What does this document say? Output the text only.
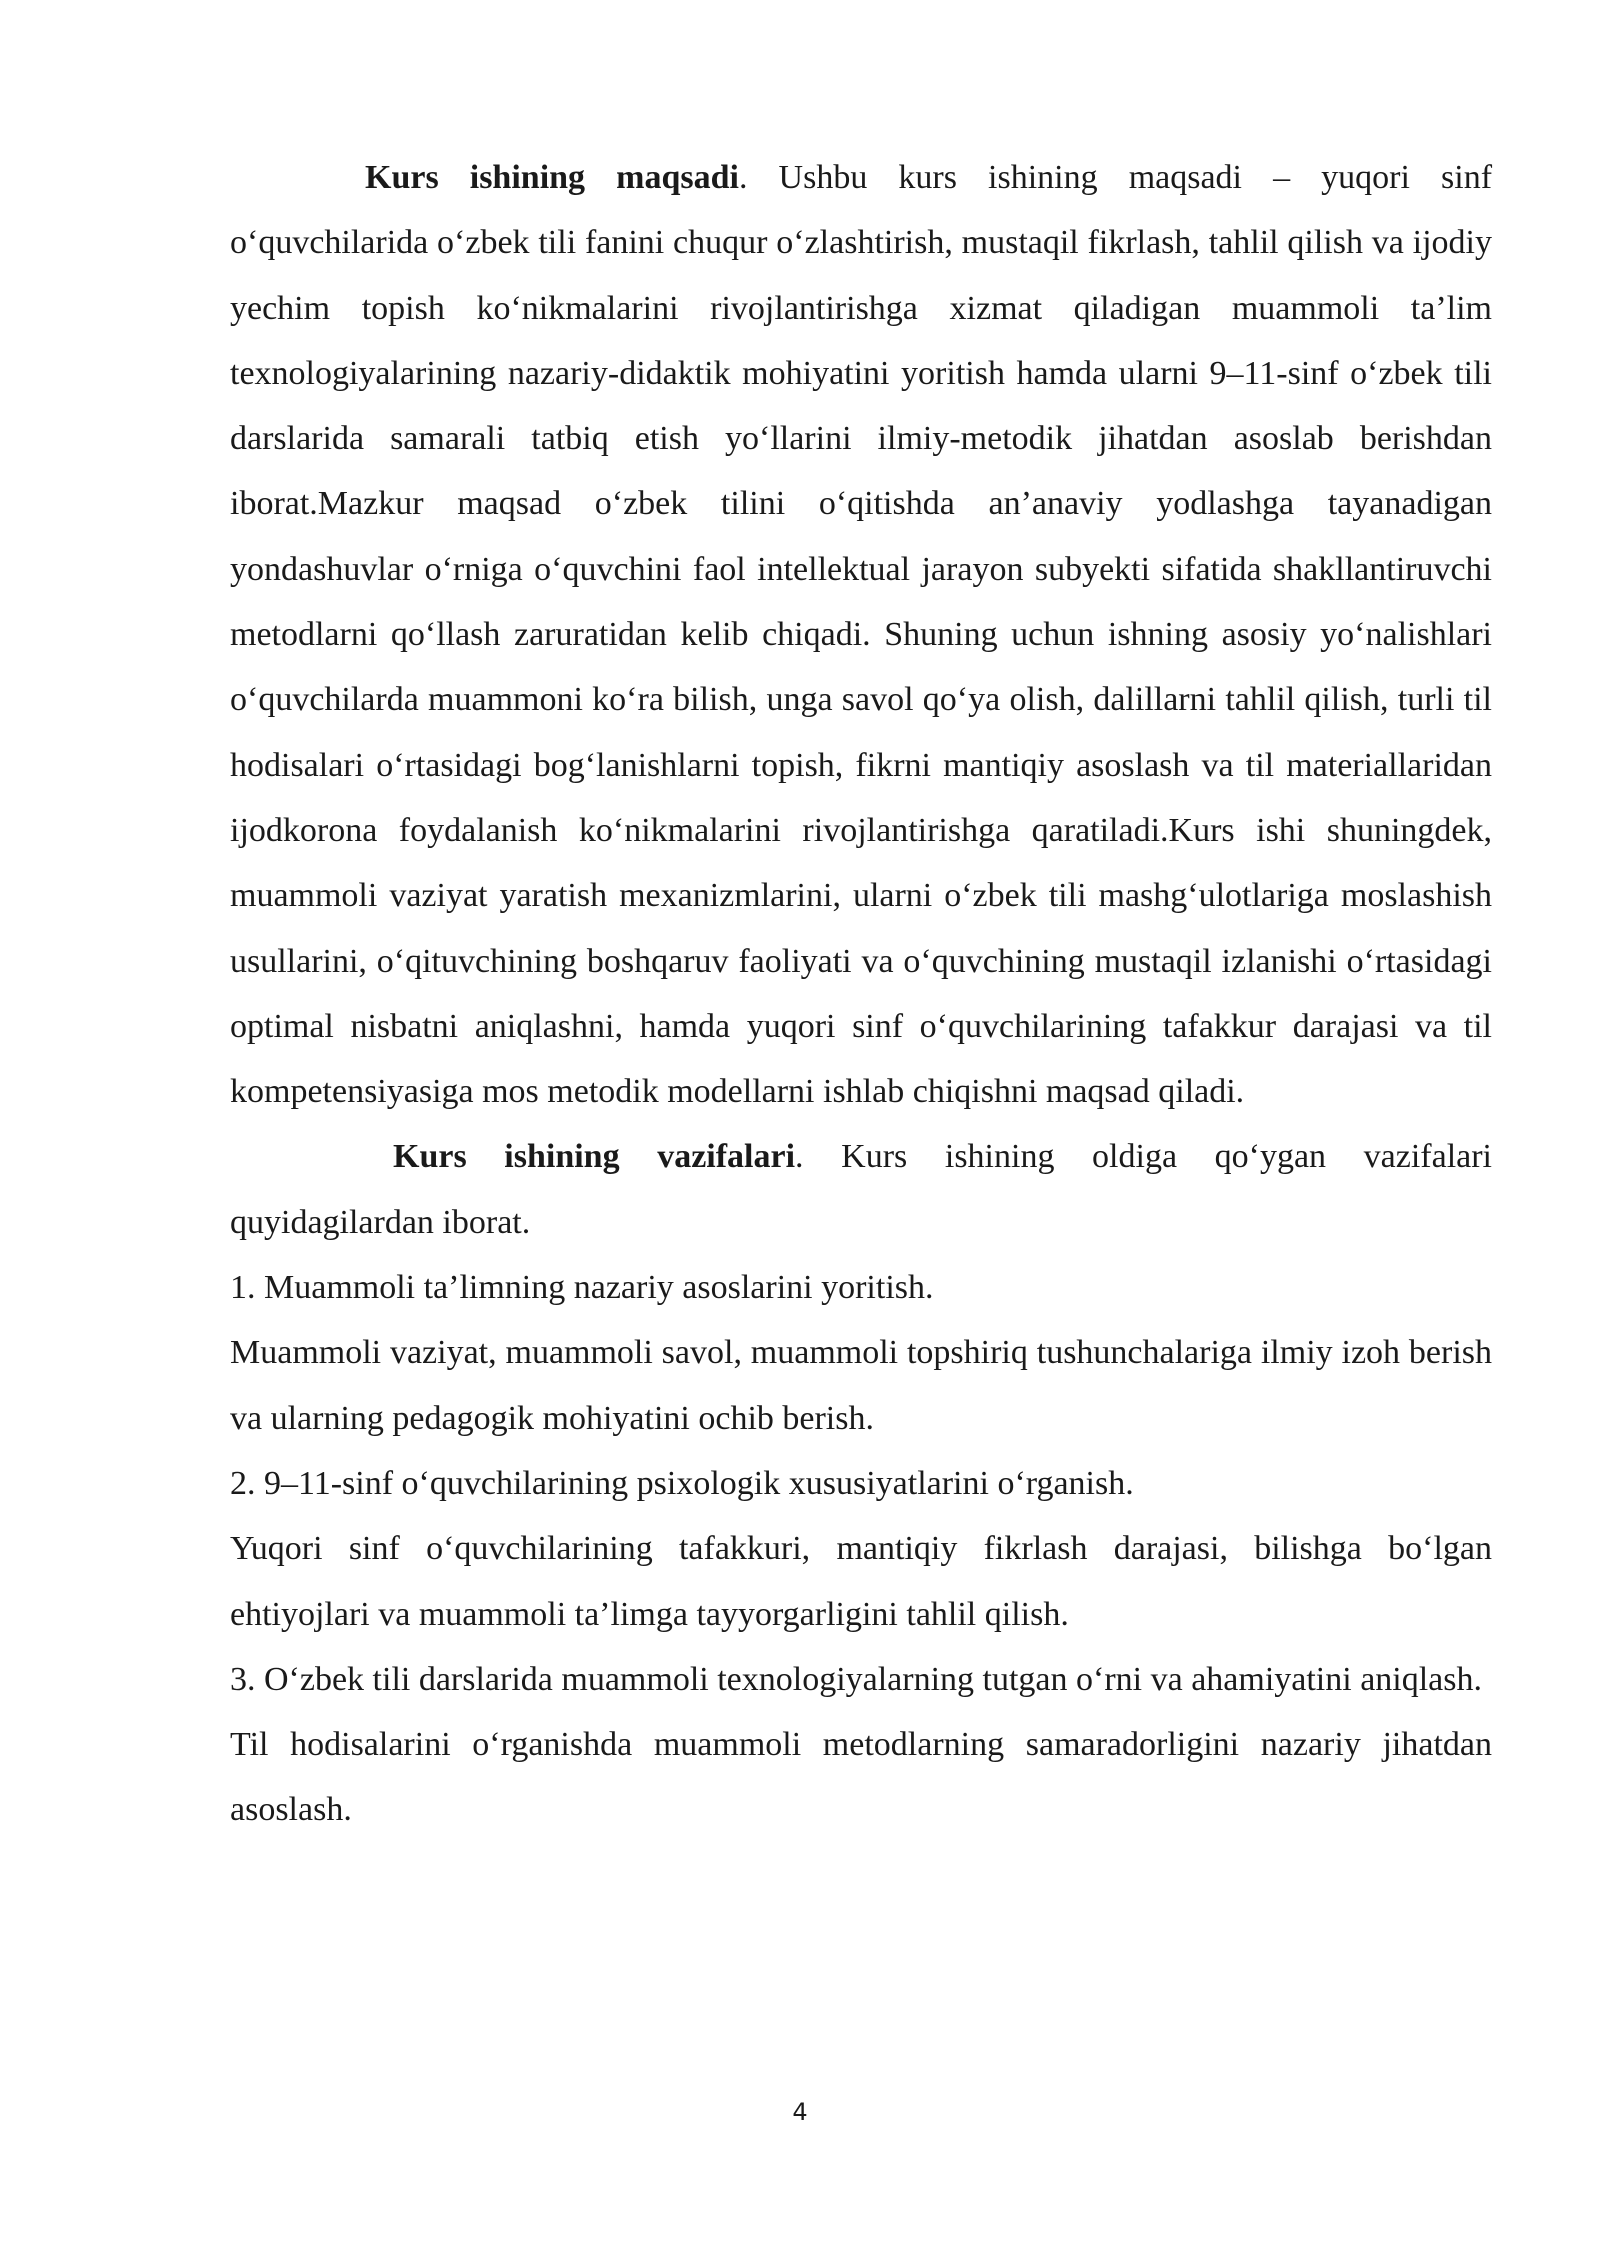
Kurs ishining maqsadi. Ushbu kurs ishining maqsadi – yuqori sinf o‘quvchilarida o‘zbek tili fanini chuqur o‘zlashtirish, mustaqil fikrlash, tahlil qilish va ijodiy yechim topish ko‘nikmalarini rivojlantirishga xizmat qiladigan muammoli ta’lim texnologiyalarining nazariy-didaktik mohiyatini yoritish hamda ularni 9–11-sinf o‘zbek tili darslarida samarali tatbiq etish yo‘llarini ilmiy-metodik jihatdan asoslab berishdan iborat.Mazkur maqsad o‘zbek tilini o‘qitishda an’anaviy yodlashga tayanadigan yondashuvlar o‘rniga o‘quvchini faol intellektual jarayon subyekti sifatida shakllantiruvchi metodlarni qo‘llash zaruratidan kelib chiqadi. Shuning uchun ishning asosiy yo‘nalishlari o‘quvchilarda muammoni ko‘ra bilish, unga savol qo‘ya olish, dalillarni tahlil qilish, turli til hodisalari o‘rtasidagi bog‘lanishlarni topish, fikrni mantiqiy asoslash va til materiallaridan ijodkorona foydalanish ko‘nikmalarini rivojlantirishga qaratiladi.Kurs ishi shuningdek, muammoli vaziyat yaratish mexanizmlarini, ularni o‘zbek tili mashg‘ulotlariga moslashish usullarini, o‘qituvchining boshqaruv faoliyati va o‘quvchining mustaqil izlanishi o‘rtasidagi optimal nisbatni aniqlashni, hamda yuqori sinf o‘quvchilarining tafakkur darajasi va til kompetensiyasiga mos metodik modellarni ishlab chiqishni maqsad qiladi.

Kurs ishining vazifalari. Kurs ishining oldiga qo‘ygan vazifalari quyidagilardan iborat.

1. Muammoli ta’limning nazariy asoslarini yoritish.

Muammoli vaziyat, muammoli savol, muammoli topshiriq tushunchalariga ilmiy izoh berish va ularning pedagogik mohiyatini ochib berish.

2. 9–11-sinf o‘quvchilarining psixologik xususiyatlarini o‘rganish.

Yuqori sinf o‘quvchilarining tafakkuri, mantiqiy fikrlash darajasi, bilishga bo‘lgan ehtiyojlari va muammoli ta’limga tayyorgarligini tahlil qilish.

3. O‘zbek tili darslarida muammoli texnologiyalarning tutgan o‘rni va ahamiyatini aniqlash.

Til hodisalarini o‘rganishda muammoli metodlarning samaradorligini nazariy jihatdan asoslash.

4
